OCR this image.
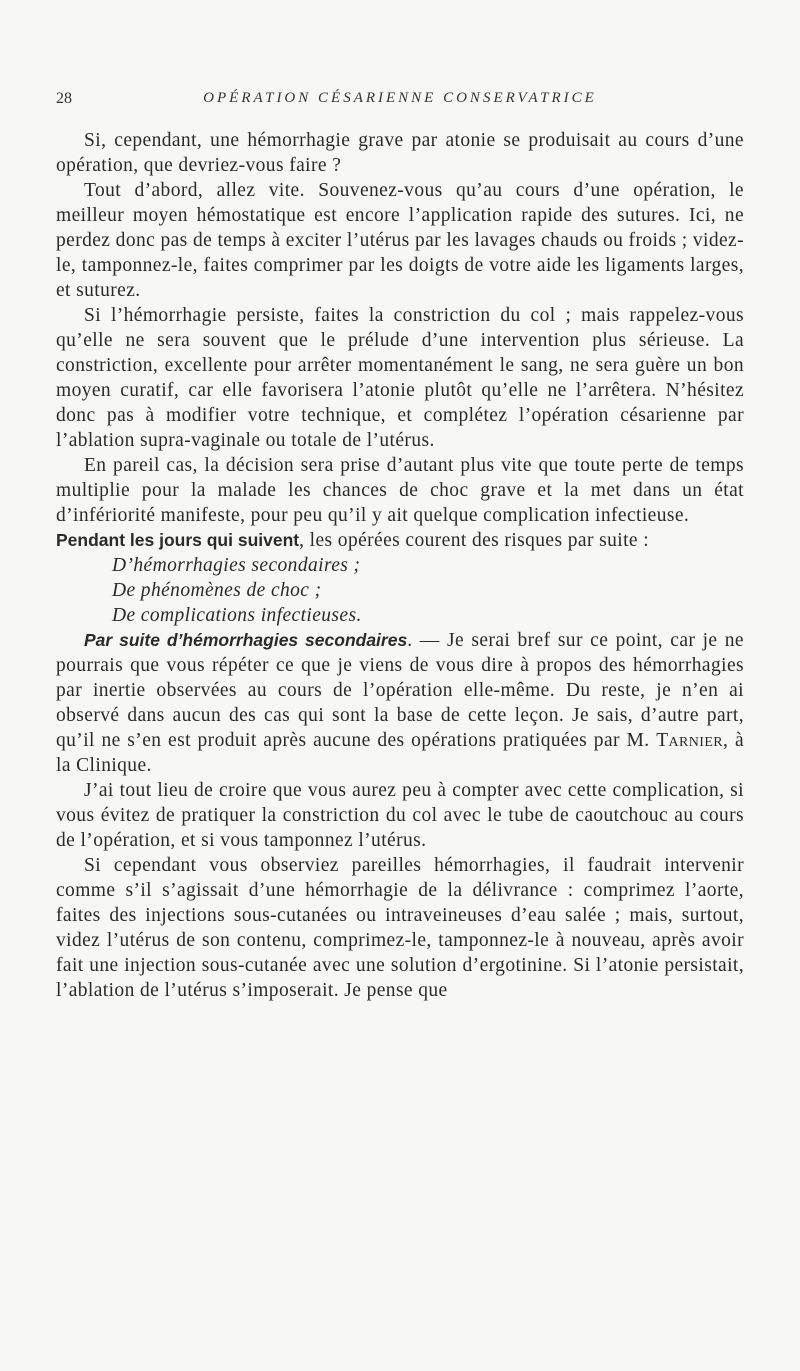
28	OPÉRATION CÉSARIENNE CONSERVATRICE

Si, cependant, une hémorrhagie grave par atonie se produisait au cours d’une opération, que devriez-vous faire ?

Tout d’abord, allez vite. Souvenez-vous qu’au cours d’une opération, le meilleur moyen hémostatique est encore l’application rapide des sutures. Ici, ne perdez donc pas de temps à exciter l’utérus par les lavages chauds ou froids ; videz-le, tamponnez-le, faites comprimer par les doigts de votre aide les ligaments larges, et suturez.

Si l’hémorrhagie persiste, faites la constriction du col ; mais rappelez-vous qu’elle ne sera souvent que le prélude d’une intervention plus sérieuse. La constriction, excellente pour arrêter momentanément le sang, ne sera guère un bon moyen curatif, car elle favorisera l’atonie plutôt qu’elle ne l’arrêtera. N’hésitez donc pas à modifier votre technique, et complétez l’opération césarienne par l’ablation supra-vaginale ou totale de l’utérus.

En pareil cas, la décision sera prise d’autant plus vite que toute perte de temps multiplie pour la malade les chances de choc grave et la met dans un état d’infériorité manifeste, pour peu qu’il y ait quelque complication infectieuse.

Pendant les jours qui suivent, les opérées courent des risques par suite :

D’hémorrhagies secondaires ;

De phénomènes de choc ;

De complications infectieuses.

Par suite d’hémorrhagies secondaires. — Je serai bref sur ce point, car je ne pourrais que vous répéter ce que je viens de vous dire à propos des hémorrhagies par inertie observées au cours de l’opération elle-même. Du reste, je n’en ai observé dans aucun des cas qui sont la base de cette leçon. Je sais, d’autre part, qu’il ne s’en est produit après aucune des opérations pratiquées par M. Tarnier, à la Clinique.

J’ai tout lieu de croire que vous aurez peu à compter avec cette complication, si vous évitez de pratiquer la constriction du col avec le tube de caoutchouc au cours de l’opération, et si vous tamponnez l’utérus.

Si cependant vous observiez pareilles hémorrhagies, il faudrait intervenir comme s’il s’agissait d’une hémorrhagie de la délivrance : comprimez l’aorte, faites des injections sous-cutanées ou intraveineuses d’eau salée ; mais, surtout, videz l’utérus de son contenu, comprimez-le, tamponnez-le à nouveau, après avoir fait une injection sous-cutanée avec une solution d’ergotinine. Si l’atonie persistait, l’ablation de l’utérus s’imposerait. Je pense que
